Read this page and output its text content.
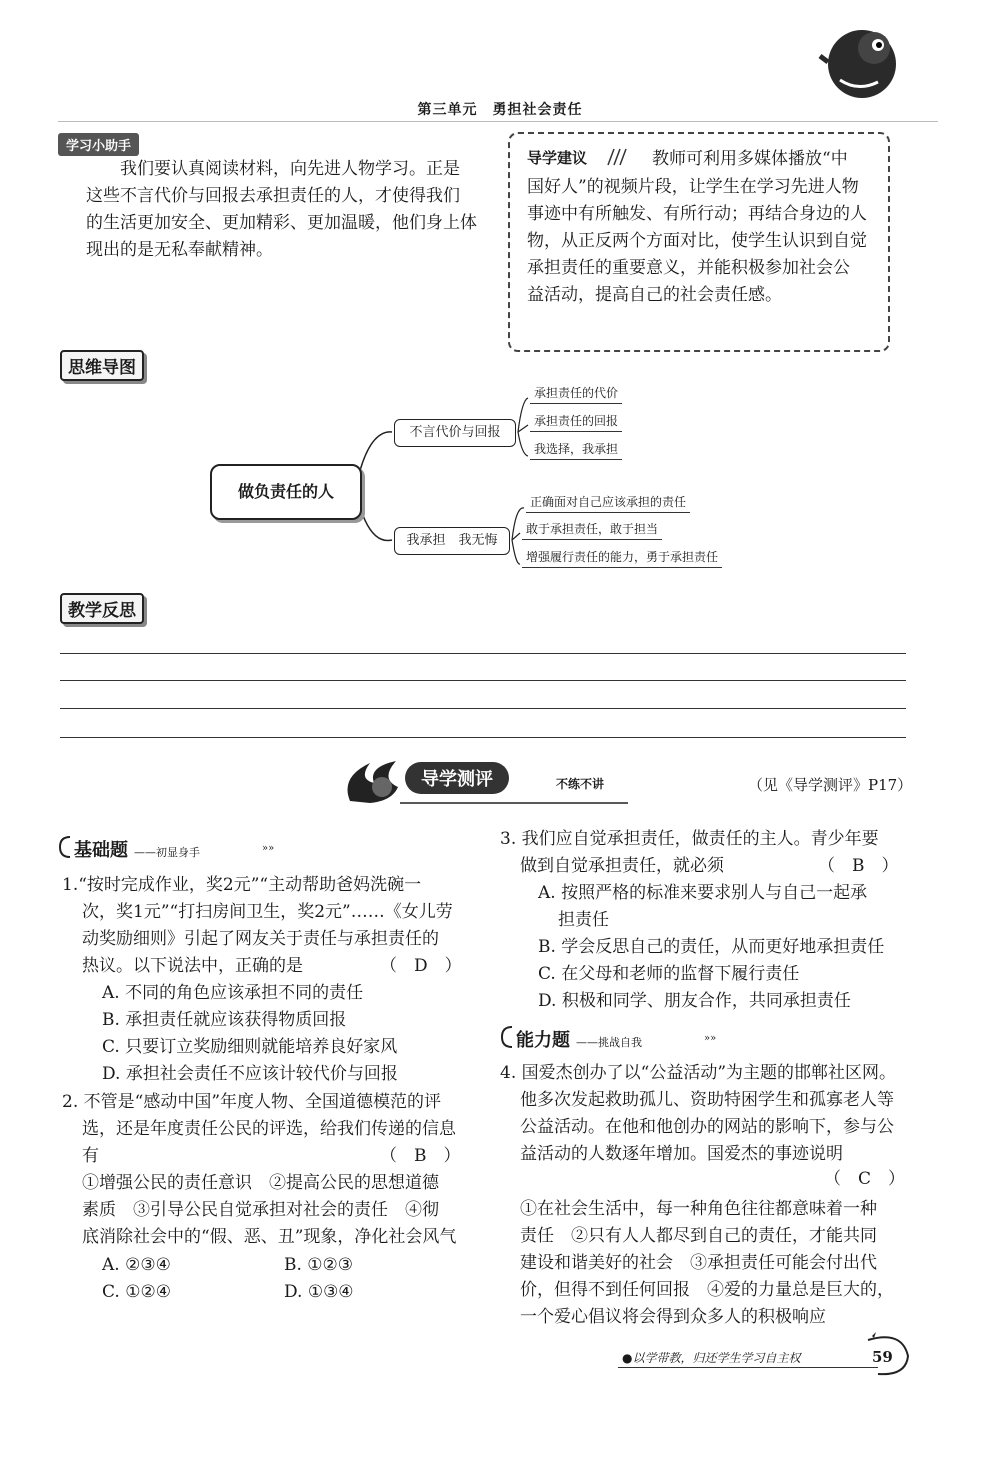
第三单元　勇担社会责任
学习小助手
我们要认真阅读材料，向先进人物学习。正是
这些不言代价与回报去承担责任的人，才使得我们
的生活更加安全、更加精彩、更加温暖，他们身上体
现出的是无私奉献精神。
导学建议	教师可利用多媒体播放“中
国好人”的视频片段，让学生在学习先进人物
事迹中有所触发、有所行动；再结合身边的人
物，从正反两个方面对比，使学生认识到自觉
承担责任的重要意义，并能积极参加社会公
益活动，提高自己的社会责任感。
思维导图
做负责任的人
不言代价与回报
承担责任的代价
承担责任的回报
我选择，我承担
我承担　我无悔
正确面对自己应该承担的责任
敢于承担责任，敢于担当
增强履行责任的能力，勇于承担责任
教学反思
导学测评	不练不讲	（见《导学测评》P17）
基础题 ——初显身手	»»
1.“按时完成作业，奖2元”“主动帮助爸妈洗碗一
次，奖1元”“打扫房间卫生，奖2元”……《女儿劳
动奖励细则》引起了网友关于责任与承担责任的
热议。以下说法中，正确的是
A. 不同的角色应该承担不同的责任
B. 承担责任就应该获得物质回报
C. 只要订立奖励细则就能培养良好家风
D. 承担社会责任不应该计较代价与回报
（　D　）
2. 不管是“感动中国”年度人物、全国道德模范的评
选，还是年度责任公民的评选，给我们传递的信息
有
①增强公民的责任意识　②提高公民的思想道德
素质　③引导公民自觉承担对社会的责任　④彻
底消除社会中的“假、恶、丑”现象，净化社会风气
（　B　）
A. ②③④	B. ①②③
C. ①②④	D. ①③④
3. 我们应自觉承担责任，做责任的主人。青少年要
做到自觉承担责任，就必须
A. 按照严格的标准来要求别人与自己一起承
担责任
B. 学会反思自己的责任，从而更好地承担责任
C. 在父母和老师的监督下履行责任
D. 积极和同学、朋友合作，共同承担责任
（　B　）
能力题 ——挑战自我	»»
4. 国爱杰创办了以“公益活动”为主题的邯郸社区网。
他多次发起救助孤儿、资助特困学生和孤寡老人等
公益活动。在他和他创办的网站的影响下，参与公
益活动的人数逐年增加。国爱杰的事迹说明
（　C　）
①在社会生活中，每一种角色往往都意味着一种
责任　②只有人人都尽到自己的责任，才能共同
建设和谐美好的社会　③承担责任可能会付出代
价，但得不到任何回报　④爱的力量总是巨大的，
一个爱心倡议将会得到众多人的积极响应
●以学带教，归还学生学习自主权	59
